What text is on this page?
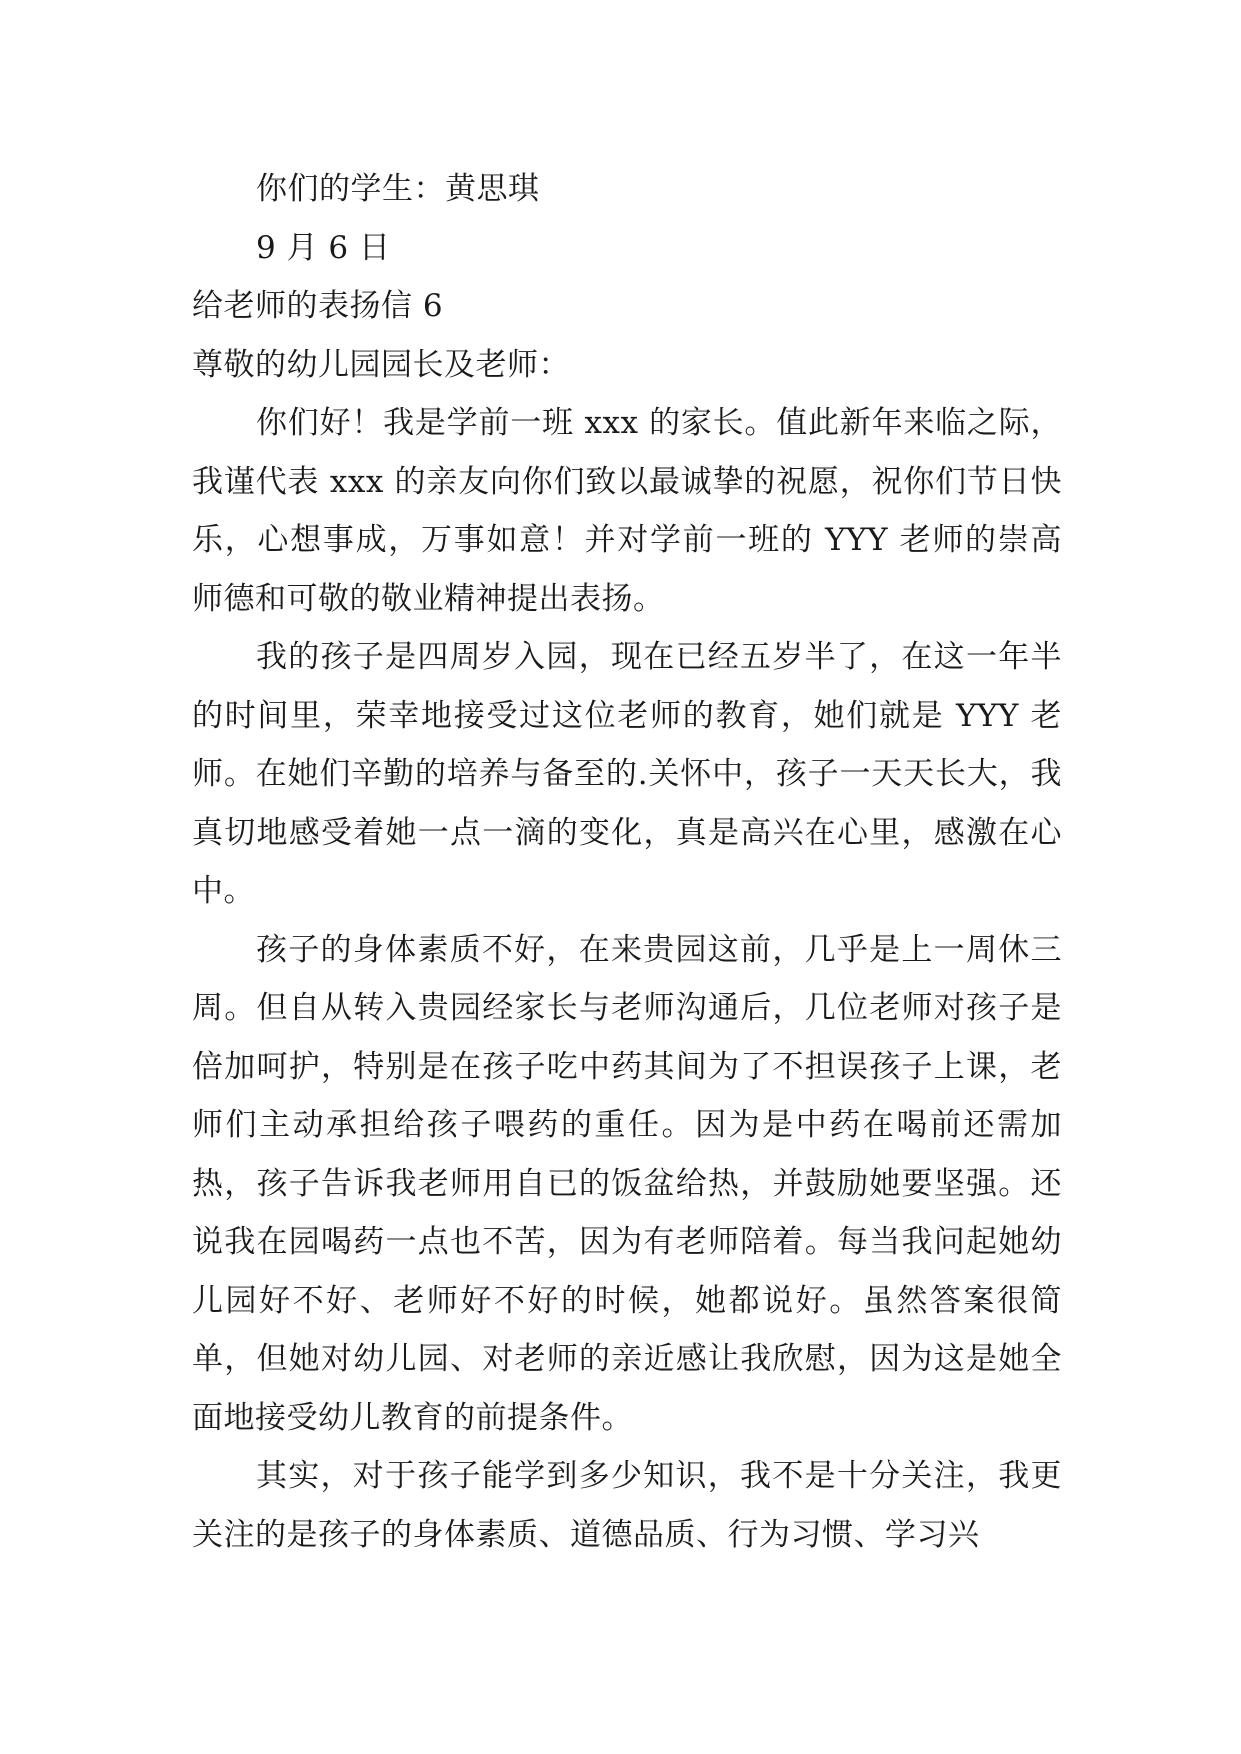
你们的学生：黄思琪

9 月 6 日

给老师的表扬信 6

尊敬的幼儿园园长及老师：

你们好！我是学前一班 xxx 的家长。值此新年来临之际，我谨代表 xxx 的亲友向你们致以最诚挚的祝愿，祝你们节日快乐，心想事成，万事如意！并对学前一班的 YYY 老师的崇高师德和可敬的敬业精神提出表扬。

我的孩子是四周岁入园，现在已经五岁半了，在这一年半的时间里，荣幸地接受过这位老师的教育，她们就是 YYY 老师。在她们辛勤的培养与备至的.关怀中，孩子一天天长大，我真切地感受着她一点一滴的变化，真是高兴在心里，感激在心中。

孩子的身体素质不好，在来贵园这前，几乎是上一周休三周。但自从转入贵园经家长与老师沟通后，几位老师对孩子是倍加呵护，特别是在孩子吃中药其间为了不担误孩子上课，老师们主动承担给孩子喂药的重任。因为是中药在喝前还需加热，孩子告诉我老师用自已的饭盆给热，并鼓励她要坚强。还说我在园喝药一点也不苦，因为有老师陪着。每当我问起她幼儿园好不好、老师好不好的时候，她都说好。虽然答案很简单，但她对幼儿园、对老师的亲近感让我欣慰，因为这是她全面地接受幼儿教育的前提条件。

其实，对于孩子能学到多少知识，我不是十分关注，我更关注的是孩子的身体素质、道德品质、行为习惯、学习兴
